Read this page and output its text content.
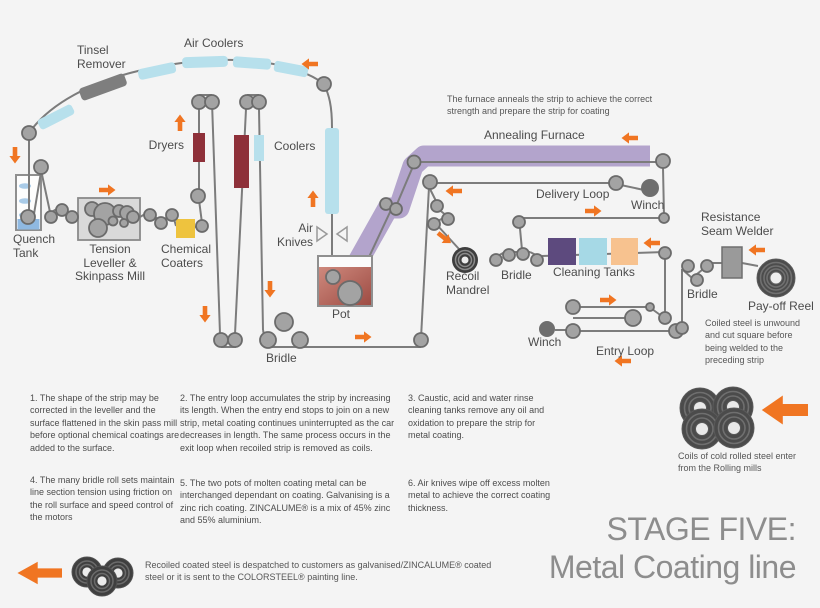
Tinsel Remover
Air Coolers
Dryers	Coolers
Air Knives
Quench Tank	Tension Leveller & Skinpass Mill
Chemical Coaters
Pot
Bridle
Annealing Furnace
Delivery Loop
Winch
Recoil Mandrel
Bridle	Cleaning Tanks
Winch
Entry Loop
Resistance Seam Welder
Bridle
Pay-off Reel
The furnace anneals the strip to achieve the correct strength and prepare the strip for coating
Coiled steel is unwound and cut square before being welded to the preceding strip
Coils of cold rolled steel enter from the Rolling mills
Recoiled coated steel is despatched to customers as galvanised/ZINCALUME® coated steel or it is sent to the COLORSTEEL® painting line.
1. The shape of the strip may be corrected in the leveller and the surface flattened in the skin pass mill before optional chemical coatings are added to the surface.
2. The entry loop accumulates the strip by increasing its length. When the entry end stops to join on a new strip, metal coating continues uninterrupted as the car decreases in length. The same process occurs in the exit loop when recoiled strip is removed as coils.
3. Caustic, acid and water rinse cleaning tanks remove any oil and oxidation to prepare the strip for metal coating.
4. The many bridle roll sets maintain line section tension using friction on the roll surface and speed control of the motors
5. The two pots of molten coating metal can be interchanged dependant on coating. Galvanising is a zinc rich coating. ZINCALUME® is a mix of 45% zinc and 55% aluminium.
6. Air knives wipe off excess molten metal to achieve the correct coating thickness.
STAGE FIVE:
Metal Coating line
